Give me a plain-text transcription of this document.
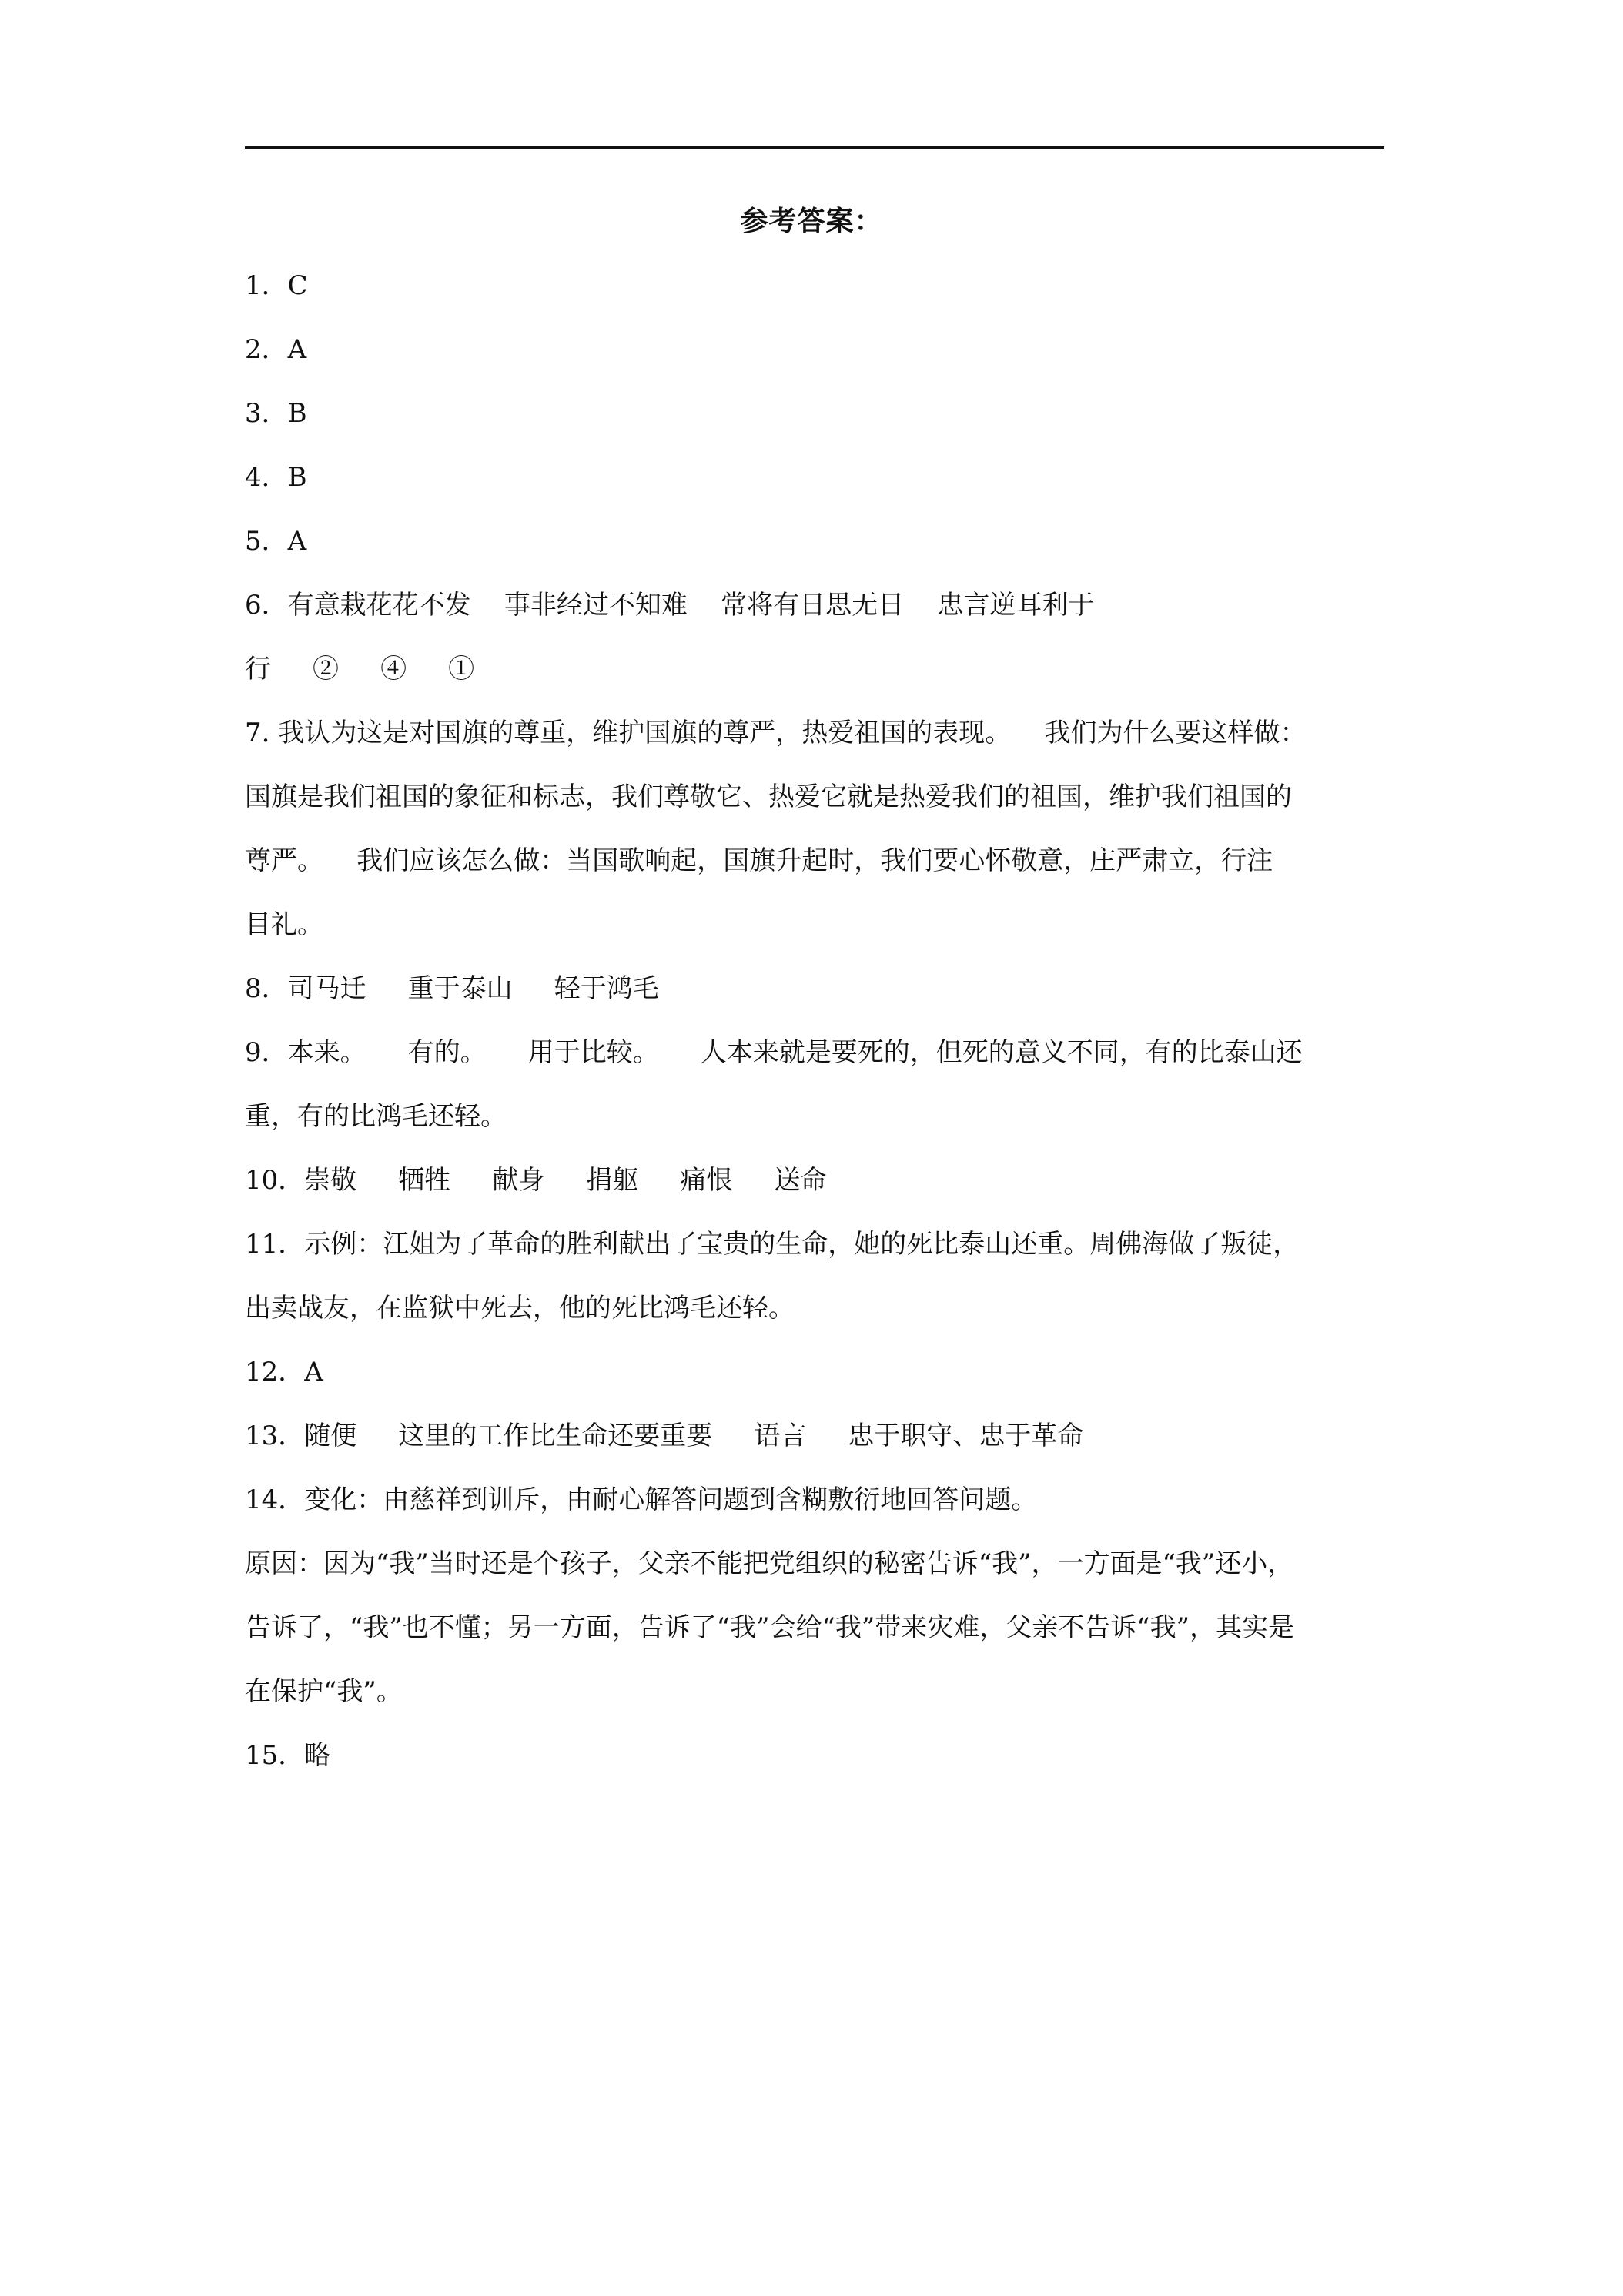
参考答案：
1．C
2．A
3．B
4．B
5．A
6．有意栽花花不发    事非经过不知难    常将有日思无日    忠言逆耳利于
行     ②     ④     ①
7. 我认为这是对国旗的尊重，维护国旗的尊严，热爱祖国的表现。    我们为什么要这样做：
国旗是我们祖国的象征和标志，我们尊敬它、热爱它就是热爱我们的祖国，维护我们祖国的
尊严。    我们应该怎么做：当国歌响起，国旗升起时，我们要心怀敬意，庄严肃立，行注
目礼。
8．司马迁     重于泰山     轻于鸿毛
9．本来。     有的。     用于比较。     人本来就是要死的，但死的意义不同，有的比泰山还
重，有的比鸿毛还轻。
10．崇敬     牺牲     献身     捐躯     痛恨     送命
11．示例：江姐为了革命的胜利献出了宝贵的生命，她的死比泰山还重。周佛海做了叛徒，
出卖战友，在监狱中死去，他的死比鸿毛还轻。
12．A
13．随便     这里的工作比生命还要重要     语言     忠于职守、忠于革命
14．变化：由慈祥到训斥，由耐心解答问题到含糊敷衍地回答问题。
原因：因为“我”当时还是个孩子，父亲不能把党组织的秘密告诉“我”，一方面是“我”还小，
告诉了，“我”也不懂；另一方面，告诉了“我”会给“我”带来灾难，父亲不告诉“我”，其实是
在保护“我”。
15．略
